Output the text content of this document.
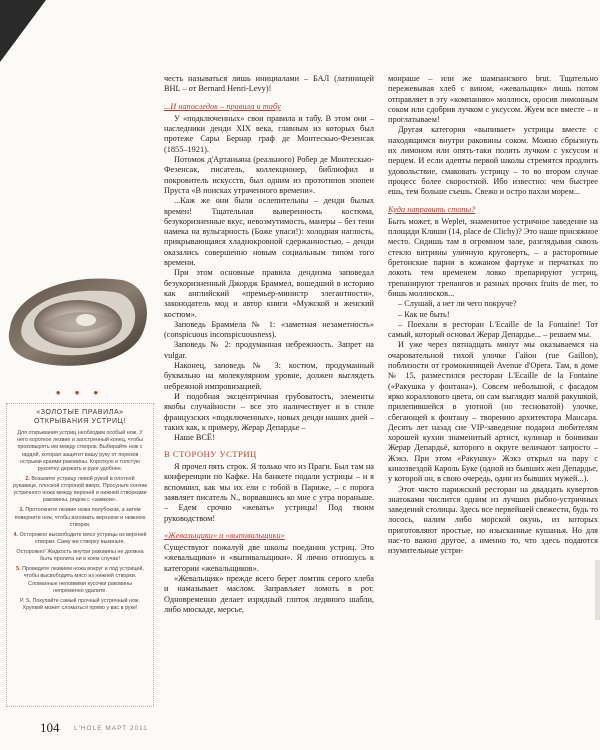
● ● ●
«ЗОЛОТЫЕ ПРАВИЛА» ОТКРЫВАНИЯ УСТРИЦ!

Для открывания устриц необходим особый нож. У него короткое лезвие и заостренный конец, чтобы проковырять им между створок. Выбирайте нож с гардой, которая защитит вашу руку от порезов острыми краями раковины. Короткую и толстую рукоятку держать в руке удобнее.

2. Возьмите устрицу левой рукой в плотной рукавице, плоской стороной вверх. Просуньте кончик устричного ножа между верхней и нижней створками раковины, рядом с «замком».

3. Протолкните лезвие ножа полубоком, а затем поверните нож, чтобы взломать верхнюю и нижнюю створки.

4. Осторожно высвободите мясо устрицы из верхней створки. Саму же створку выкиньте.

Осторожно! Жидкость внутри раковины не должна быть пролита ни в коем случае!

5. Проведите лезвием ножа вокруг и под устрицей, чтобы высвободить мясо из нижней створки. Сломанные неловкими кусочки раковины непременно удалите.

P. S. Покупайте самый прочный устричный нож. Хрупкий может сломаться прямо у вас в руке!

честь называться лишь инициалами – БАЛ (латиницей BHL – от Bernard Henri-Levy)!

...И напоследок – правила и табу

У «подключенных» свои правила и табу. В этом они – наследники денди XIX века, главным из которых был протеже Сары Бернар граф де Монтескью-Фезенсак (1855–1921).

Потомок д'Артаньяна (реального) Робер де Монтескью-Фезенсак, писатель, коллекционер, библиофил и покровитель искусств, был одним из прототипов эпопеи Пруста «В поисках утраченного времени».

...Каж же они были ослепительны – денди былых времен! Тщательная выверенность костюма, безукоризненные вкус, невозмутимость, манеры – без тени намека на вульгарность (Боже упаси!): холодная наглость, прикрывающаяся хладнокровной сдержанностью, – денди оказались совершенно новым социальным типом того времени.

При этом основные правила дендизма заповедал безукоризненный Джордж Браммел, вошедший в историю как английский «премьер-министр элегантности», законодатель мод и автор книги «Мужской и женский костюм».

Заповедь Браммела № 1: «заметная незаметность» (conspicuous inconspicuousness).

Заповедь № 2: продуманная небрежность. Запрет на vulgar.

Наконец, заповедь № 3: костюм, продуманный буквально на молекулярном уровне, должен выглядеть небрежной импровизацией.

И подобная эксцентричная грубоватость, элементы якобы случайности – все это наличествует и в стиле французских «подключенных», новых денди наших дней – таких как, к примеру, Жерар Депардье –

Наше ВСЁ!

В СТОРОНУ УСТРИЦ

Я прочел пять строк. Я только что из Праги. Был там на конференции по Кафке. На банкете подали устрицы – и я вспомнил, как мы их ели с тобой в Париже, – с порога заявляет писатель N., ворвавшись ко мне с утра пораньше. – Едем срочно «жевать» устрицы! Под твоим руководством!

«Жевальщики» и «выпивальщики»

Существуют пожалуй две школы поедания устриц. Это «жевальщики» и «выпивальщики». Я лично отношусь к категории «жевальщиков».

«Жевальщик» прежде всего берет ломтик серого хлеба и намазывает маслом. Заправљяет ломоть в рот. Одновременно делает изрядный глоток ледяного шабли, либо мюскаде, мерсье,

монраше – или же шампанского brut. Тщательно пережевывая хлеб с вином, «жевальщик» лишь потом отправляет в эту «компанию» моллюск, оросив лимонным соком или сдобрив лучком с уксусом. Жуем все вместе – и проглатываем!

Другая категория «выпивает» устрицы вместе с находящимся внутри раковины соком. Можно сбрызнуть их лимоном или опять-таки полить лучком с уксусом и перцем. И если адепты первой школы стремятся продлить удовольствие, смаковать устрицу – то во втором случае процесс более скоростной. Ибо известно: чем быстрее ешь, тем больше съешь. Свежо и остро пахли морем...

Куда направить стопы?

Быть может, в Weplet, знаменитое устричное заведение на площади Клиши (14, place de Clichy)? Это наше присяжное место. Сидишь там в огромном зале, разглядывая сквозь стекло витрины уличную круговерть, – а расторопные бретонские парни в кожаном фартуке и перчатках по локоть тем временем ловко препарируют устриц, трепанируют трепангов и разных прочих fruits de mer, то бишь моллюсков...

– Слушай, а нет ли чего покруче?

– Как не быть!

– Поехали в ресторан L'Ecaille de la Fontaine! Тот самый, который основал Жерар Депардье... – решаем мы.

И уже через пятнадцать минут мы оказываемся на очаровательной тихой улочке Гайон (rue Gaillon), поблизости от громокипящей Avenue d'Opera. Там, в доме № 15, разместился ресторан L'Ecaille de la Fontaine («Ракушка у фонтана»). Совсем небольшой, с фасадом ярко кораллового цвета, он сам выглядит малой ракушкой, прилепившейся в уютной (но тесноватой) улочке, сбегающей к фонтану – творению архитектора Мансара. Десять лет назад сие VIP-заведение подарил любителям хорошей кухни знаменитый артист, кулинар и бонвиван Жерар Депардьё, которого в округе величают запросто – Жэкэ. При этом «Ракушку» Жэкэ открыл на пару с кинозвездой Кароль Буке (одной из бывших жен Депардье, у которой он, в свою очередь, один из бывших мужей...).

Этот чисто парижский ресторан на двадцать кувертов знатоками числится одним из лучших рыбно-устричных заведений столицы. Здесь все первейшей свежести, будь то лосось, налим либо морской окунь, из которых приготовляют простые, но изысканные кушанья. Но для нас-то важно другое, а именно то, что здесь подаются изумительные устри-

104 L'HOLE МАРТ 2011
